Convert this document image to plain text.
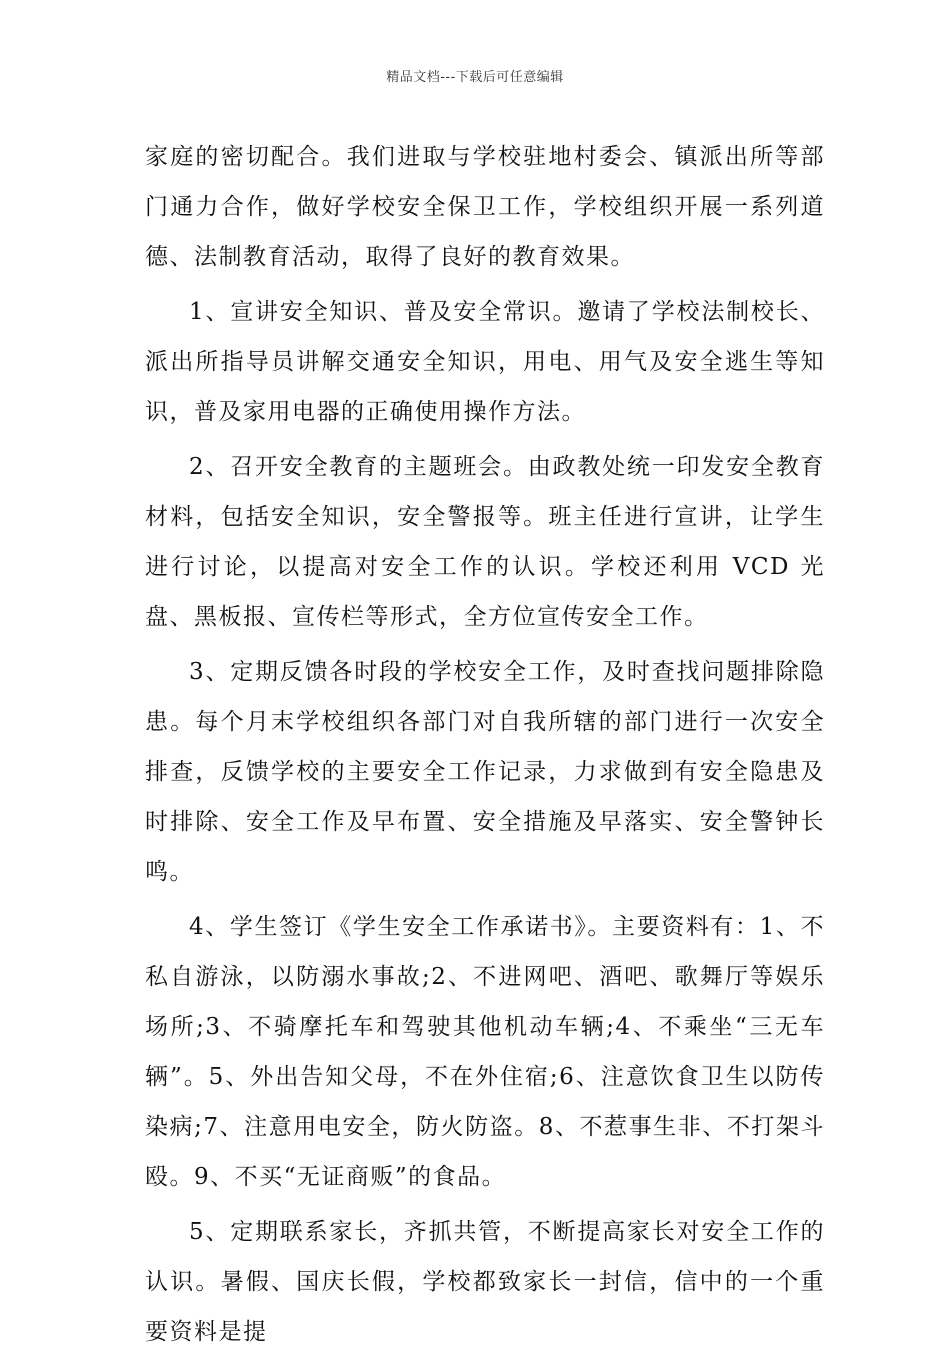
精品文档---下载后可任意编辑

家庭的密切配合。我们进取与学校驻地村委会、镇派出所等部门通力合作，做好学校安全保卫工作，学校组织开展一系列道德、法制教育活动，取得了良好的教育效果。

1、宣讲安全知识、普及安全常识。邀请了学校法制校长、派出所指导员讲解交通安全知识，用电、用气及安全逃生等知识，普及家用电器的正确使用操作方法。

2、召开安全教育的主题班会。由政教处统一印发安全教育材料，包括安全知识，安全警报等。班主任进行宣讲，让学生进行讨论，以提高对安全工作的认识。学校还利用 VCD 光盘、黑板报、宣传栏等形式，全方位宣传安全工作。

3、定期反馈各时段的学校安全工作，及时查找问题排除隐患。每个月末学校组织各部门对自我所辖的部门进行一次安全排查，反馈学校的主要安全工作记录，力求做到有安全隐患及时排除、安全工作及早布置、安全措施及早落实、安全警钟长鸣。

4、学生签订《学生安全工作承诺书》。主要资料有：1、不私自游泳，以防溺水事故;2、不进网吧、酒吧、歌舞厅等娱乐场所;3、不骑摩托车和驾驶其他机动车辆;4、不乘坐“三无车辆”。5、外出告知父母，不在外住宿;6、注意饮食卫生以防传染病;7、注意用电安全，防火防盗。8、不惹事生非、不打架斗殴。9、不买“无证商贩”的食品。

5、定期联系家长，齐抓共管，不断提高家长对安全工作的认识。暑假、国庆长假，学校都致家长一封信，信中的一个重要资料是提
